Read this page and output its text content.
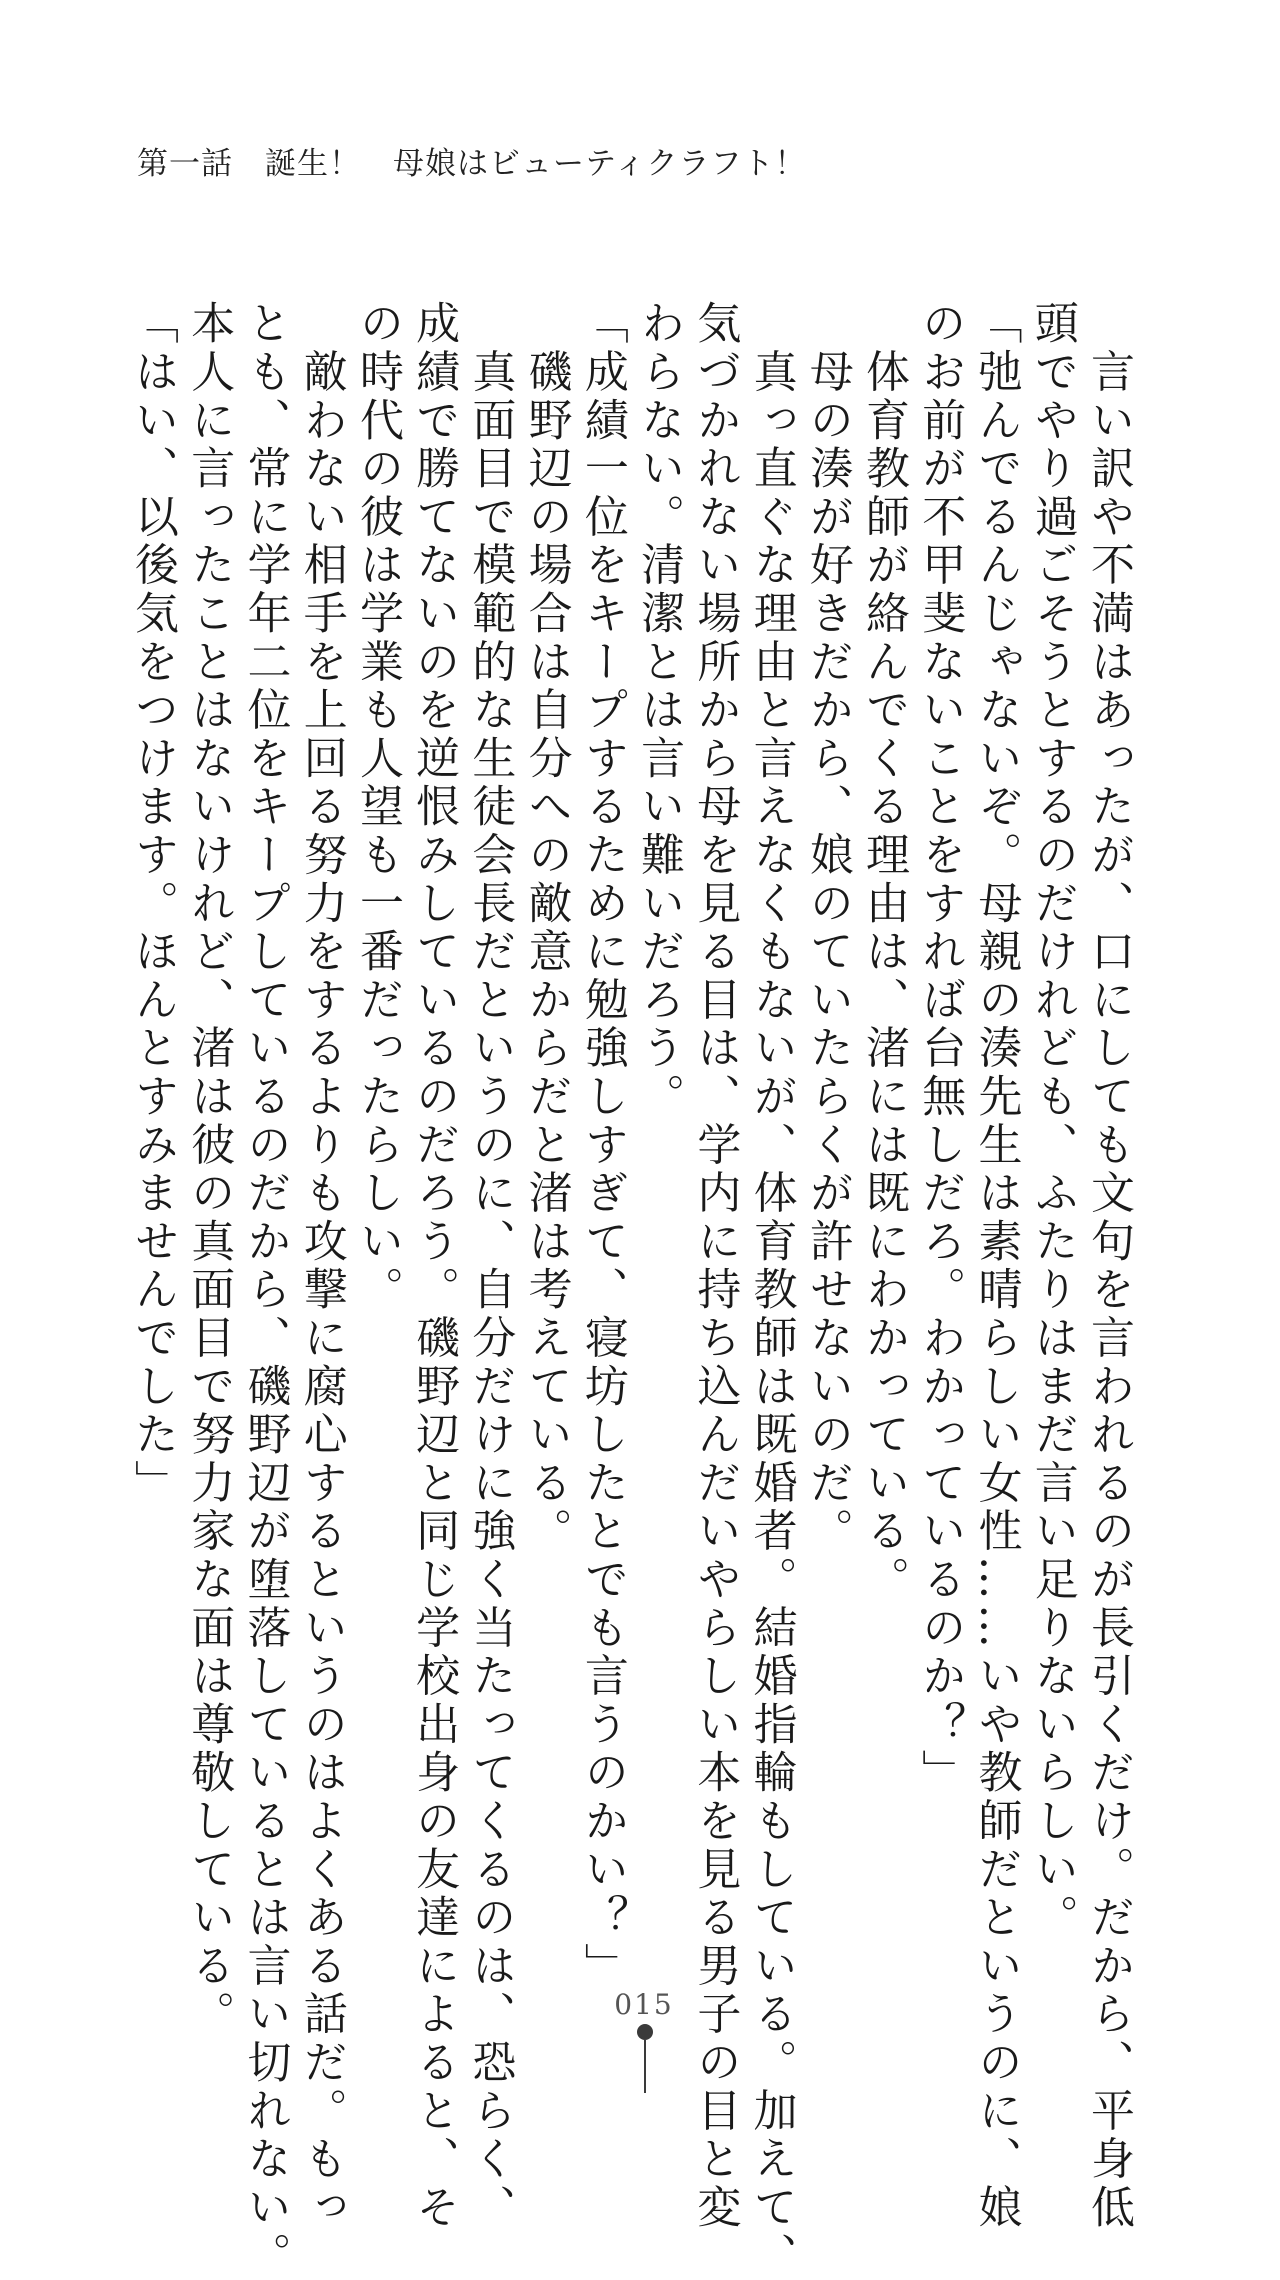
第一話　誕生！　母娘はビューティクラフト！
　言い訳や不満はあったが、口にしても文句を言われるのが長引くだけ。だから、平身低
頭でやり過ごそうとするのだけれども、ふたりはまだ言い足りないらしい。
「弛んでるんじゃないぞ。母親の湊先生は素晴らしい女性……いや教師だというのに、娘
のお前が不甲斐ないことをすれば台無しだろ。わかっているのか？」
　体育教師が絡んでくる理由は、渚には既にわかっている。
　母の湊が好きだから、娘のていたらくが許せないのだ。
　真っ直ぐな理由と言えなくもないが、体育教師は既婚者。結婚指輪もしている。加えて、
気づかれない場所から母を見る目は、学内に持ち込んだいやらしい本を見る男子の目と変
わらない。清潔とは言い難いだろう。
「成績一位をキープするために勉強しすぎて、寝坊したとでも言うのかい？」
　磯野辺の場合は自分への敵意からだと渚は考えている。
　真面目で模範的な生徒会長だというのに、自分だけに強く当たってくるのは、恐らく、
成績で勝てないのを逆恨みしているのだろう。磯野辺と同じ学校出身の友達によると、そ
の時代の彼は学業も人望も一番だったらしい。
　敵わない相手を上回る努力をするよりも攻撃に腐心するというのはよくある話だ。もっ
とも、常に学年二位をキープしているのだから、磯野辺が堕落しているとは言い切れない。
本人に言ったことはないけれど、渚は彼の真面目で努力家な面は尊敬している。
「はい、以後気をつけます。ほんとすみませんでした」
015
